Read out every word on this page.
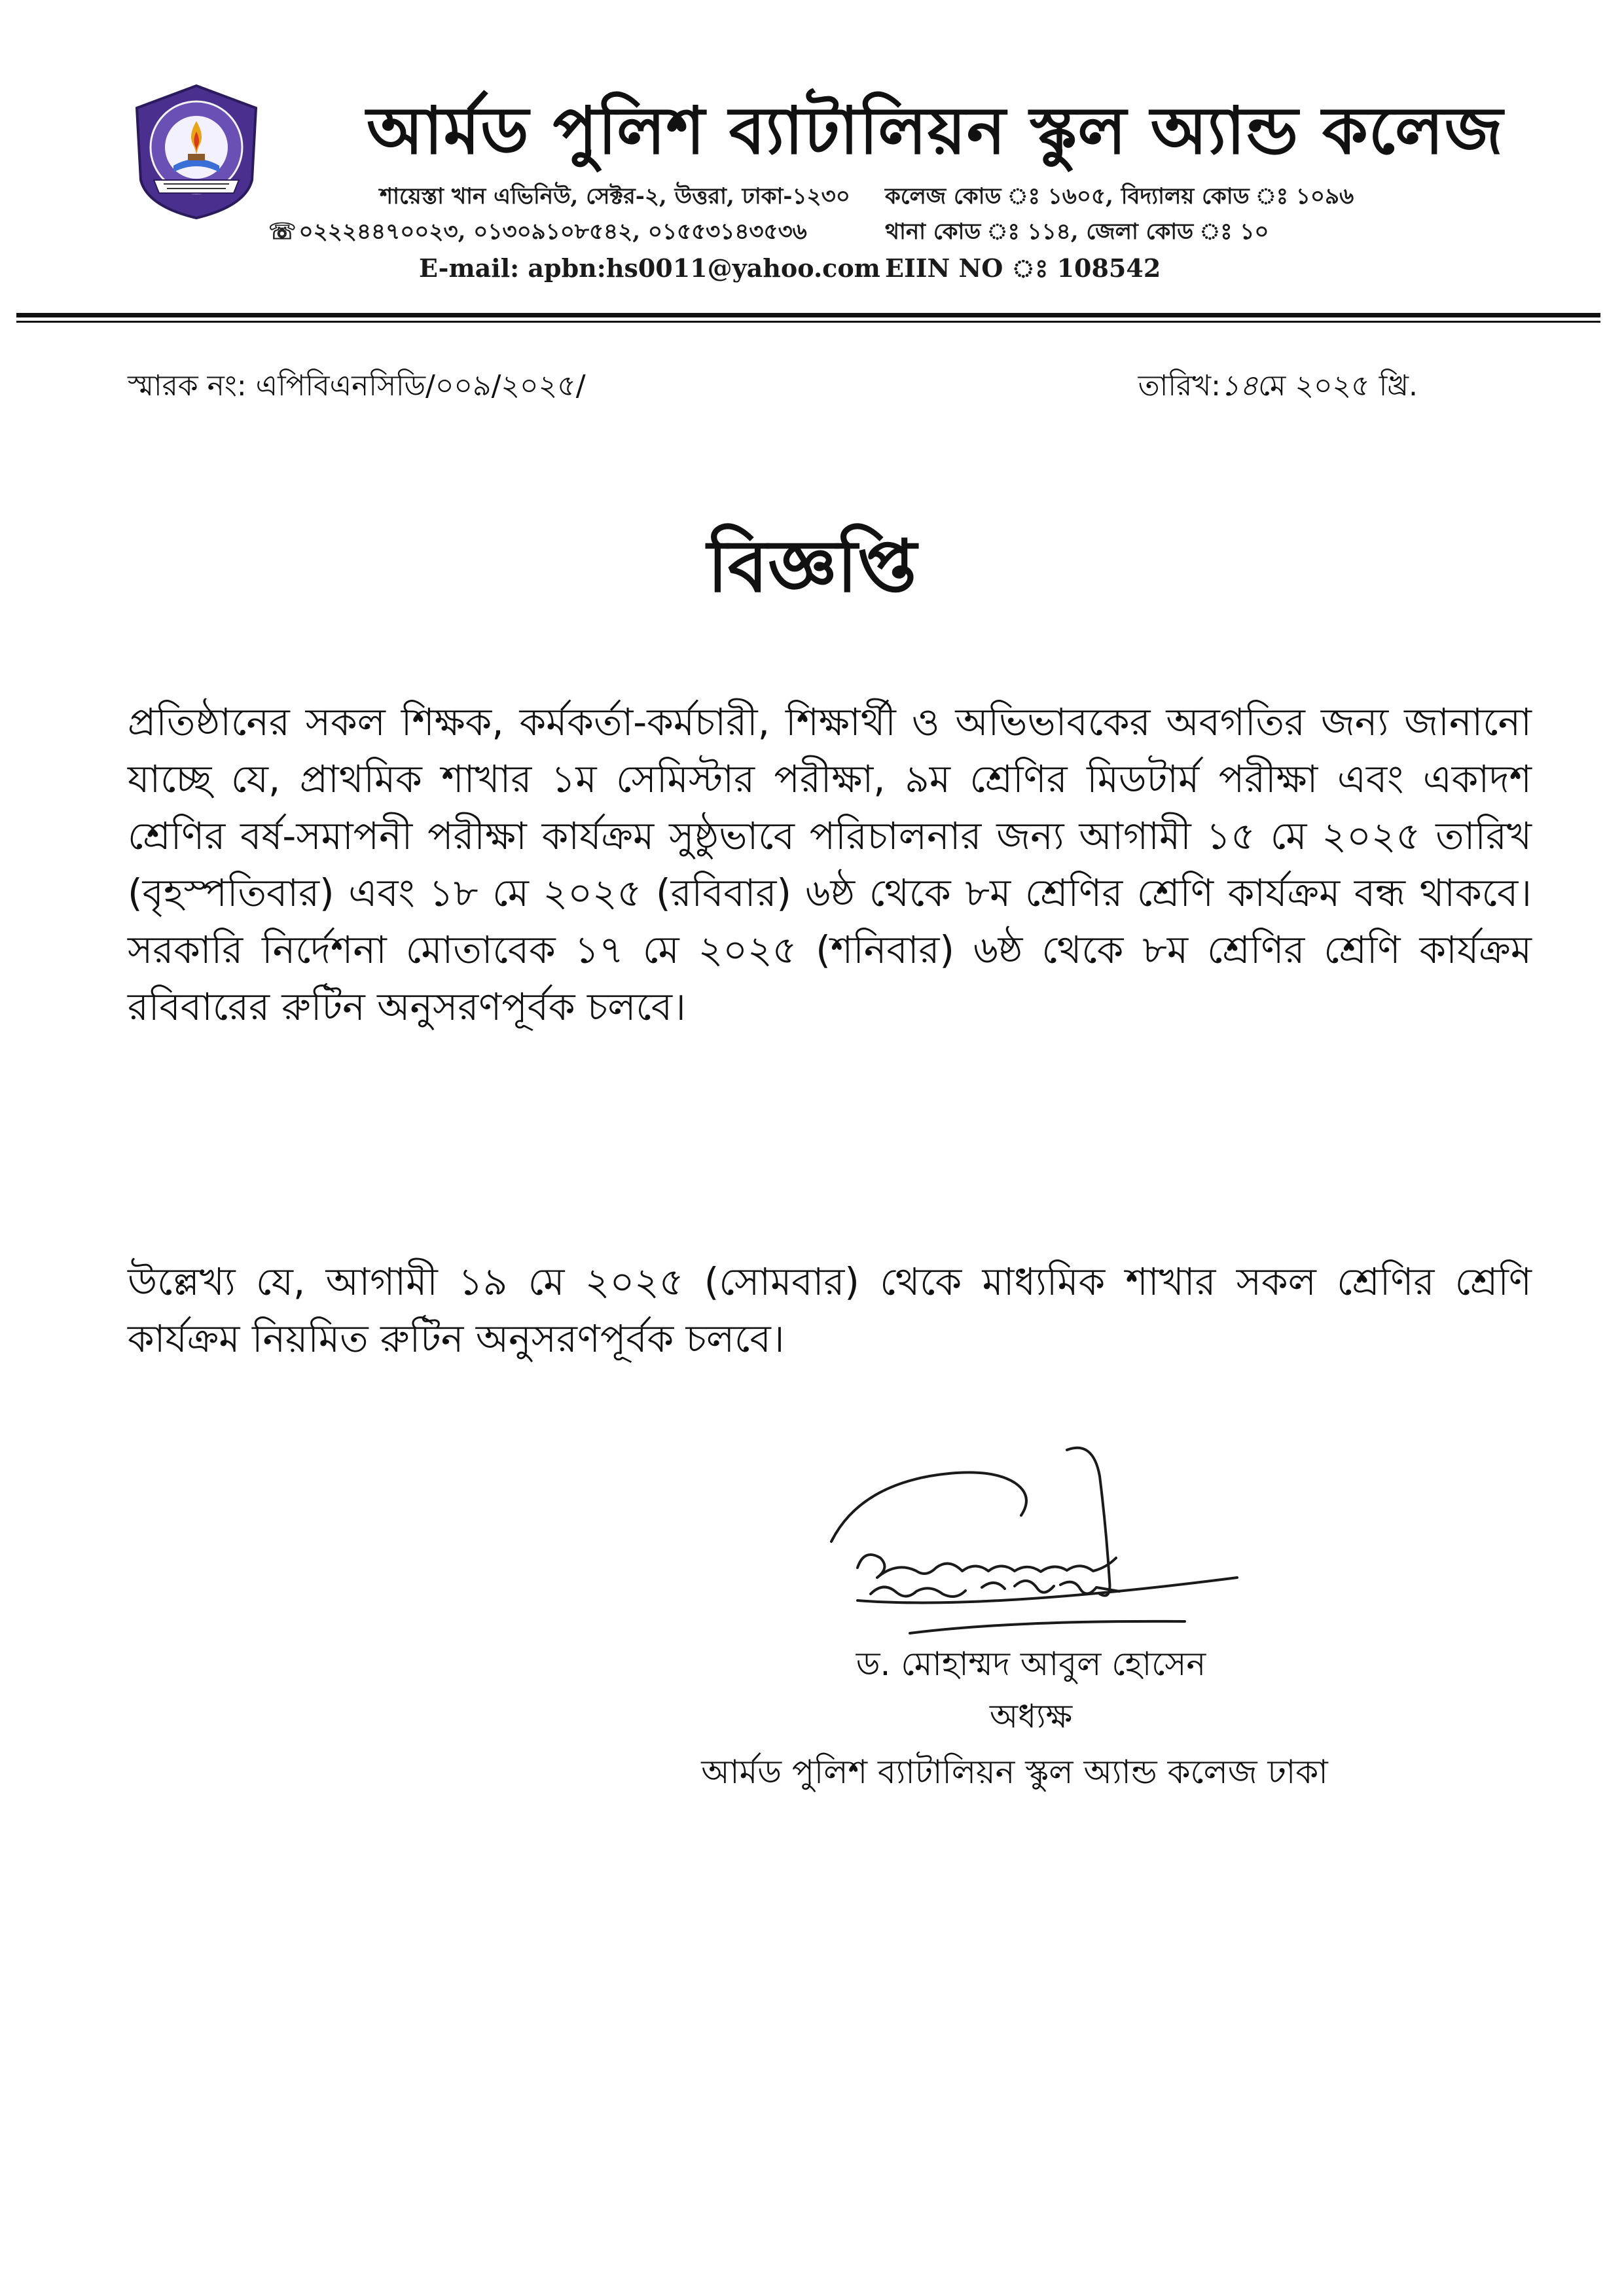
আর্মড পুলিশ ব্যাটালিয়ন স্কুল অ্যান্ড কলেজ
শায়েস্তা খান এভিনিউ, সেক্টর-২, উত্তরা, ঢাকা-১২৩০
☏ ০২২২৪৪৭০০২৩, ০১৩০৯১০৮৫৪২, ০১৫৫৩১৪৩৫৩৬
E-mail: apbn:hs0011@yahoo.com
কলেজ কোড ঃ ১৬০৫, বিদ্যালয় কোড ঃ ১০৯৬
থানা কোড ঃ ১১৪, জেলা কোড ঃ ১০
EIIN NO ঃ 108542
স্মারক নং: এপিবিএনসিডি/০০৯/২০২৫/	তারিখ:১৪মে ২০২৫ খ্রি.
বিজ্ঞপ্তি
প্রতিষ্ঠানের সকল শিক্ষক, কর্মকর্তা-কর্মচারী, শিক্ষার্থী ও অভিভাবকের অবগতির জন্য জানানো যাচ্ছে যে, প্রাথমিক শাখার ১ম সেমিস্টার পরীক্ষা, ৯ম শ্রেণির মিডটার্ম পরীক্ষা এবং একাদশ শ্রেণির বর্ষ-সমাপনী পরীক্ষা কার্যক্রম সুষ্ঠুভাবে পরিচালনার জন্য আগামী ১৫ মে ২০২৫ তারিখ (বৃহস্পতিবার) এবং ১৮ মে ২০২৫ (রবিবার) ৬ষ্ঠ থেকে ৮ম শ্রেণির শ্রেণি কার্যক্রম বন্ধ থাকবে। সরকারি নির্দেশনা মোতাবেক ১৭ মে ২০২৫ (শনিবার) ৬ষ্ঠ থেকে ৮ম শ্রেণির শ্রেণি কার্যক্রম রবিবারের রুটিন অনুসরণপূর্বক চলবে।
উল্লেখ্য যে, আগামী ১৯ মে ২০২৫ (সোমবার) থেকে মাধ্যমিক শাখার সকল শ্রেণির শ্রেণি কার্যক্রম নিয়মিত রুটিন অনুসরণপূর্বক চলবে।
ড. মোহাম্মদ আবুল হোসেন
অধ্যক্ষ
আর্মড পুলিশ ব্যাটালিয়ন স্কুল অ্যান্ড কলেজ ঢাকা
